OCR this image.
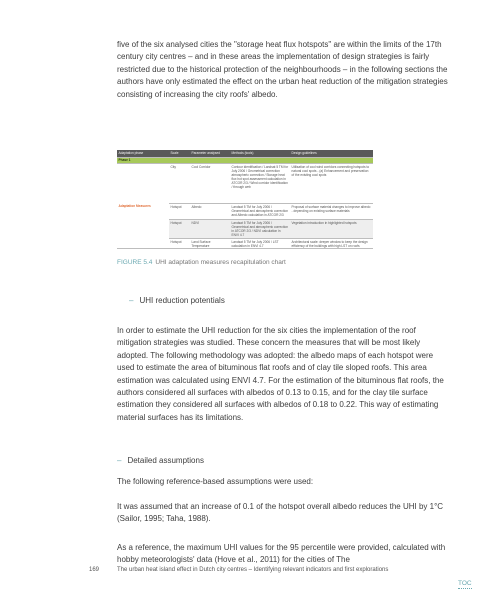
five of the six analysed cities the "storage heat flux hotspots" are within the limits of the 17th century city centres – and in these areas the implementation of design strategies is fairly restricted due to the historical protection of the neighbourhoods – in the following sections the authors have only estimated the effect on the urban heat reduction of the mitigation strategies consisting of increasing the city roofs' albedo.

Adaptation phase	Scale	Parameter analysed	Methods (tools)	Design guidelines
Phase 1				
Adaptation Measures	City	Cool Corridor	Contour identification / Landsat 5 TM for July 2006 / Geometrical correction atmospheric correction / Storage heat flux hot spot assessment calculation in ATCOR 2/3 / Wind corridor identification / through web	Utilisation of cool wind corridors connecting hotspots to natural cool spots - (a) Enhancement and preservation of the existing cool spots
	Hotspot	Albedo	Landsat 5 TM for July 2006 / Geometrical and atmospheric correction and Albedo calculation in ATCOR 2/3	Proposal of surface material changes to improve albedo - depending on existing surface materials
	Hotspot	NDVI	Landsat 5 TM for July 2006 / Geometrical and atmospheric correction in ATCOR 2/3 / NDVI calculation in ENVI 4.7	Vegetation introduction in highlighted hotspots
	Hotspot	Land Surface Temperature	Landsat 5 TM for July 2006 / LST calculation in ENVI 4.7	Architectural scale: deeper window to keep the design efficiency of the buildings with high LST on roofs
FIGURE 5.4 UHI adaptation measures recapitulation chart
– UHI reduction potentials

In order to estimate the UHI reduction for the six cities the implementation of the roof mitigation strategies was studied. These concern the measures that will be most likely adopted. The following methodology was adopted: the albedo maps of each hotspot were used to estimate the area of bituminous flat roofs and of clay tile sloped roofs. This area estimation was calculated using ENVI 4.7. For the estimation of the bituminous flat roofs, the authors considered all surfaces with albedos of 0.13 to 0.15, and for the clay tile surface estimation they considered all surfaces with albedos of 0.18 to 0.22. This way of estimating material surfaces has its limitations.

– Detailed assumptions

The following reference-based assumptions were used:

It was assumed that an increase of 0.1 of the hotspot overall albedo reduces the UHI by 1°C (Sailor, 1995; Taha, 1988).

As a reference, the maximum UHI values for the 95 percentile were provided, calculated with hobby meteorologists' data (Hove et al., 2011) for the cities of The

169	The urban heat island effect in Dutch city centres – Identifying relevant indicators and first explorations
TOC
